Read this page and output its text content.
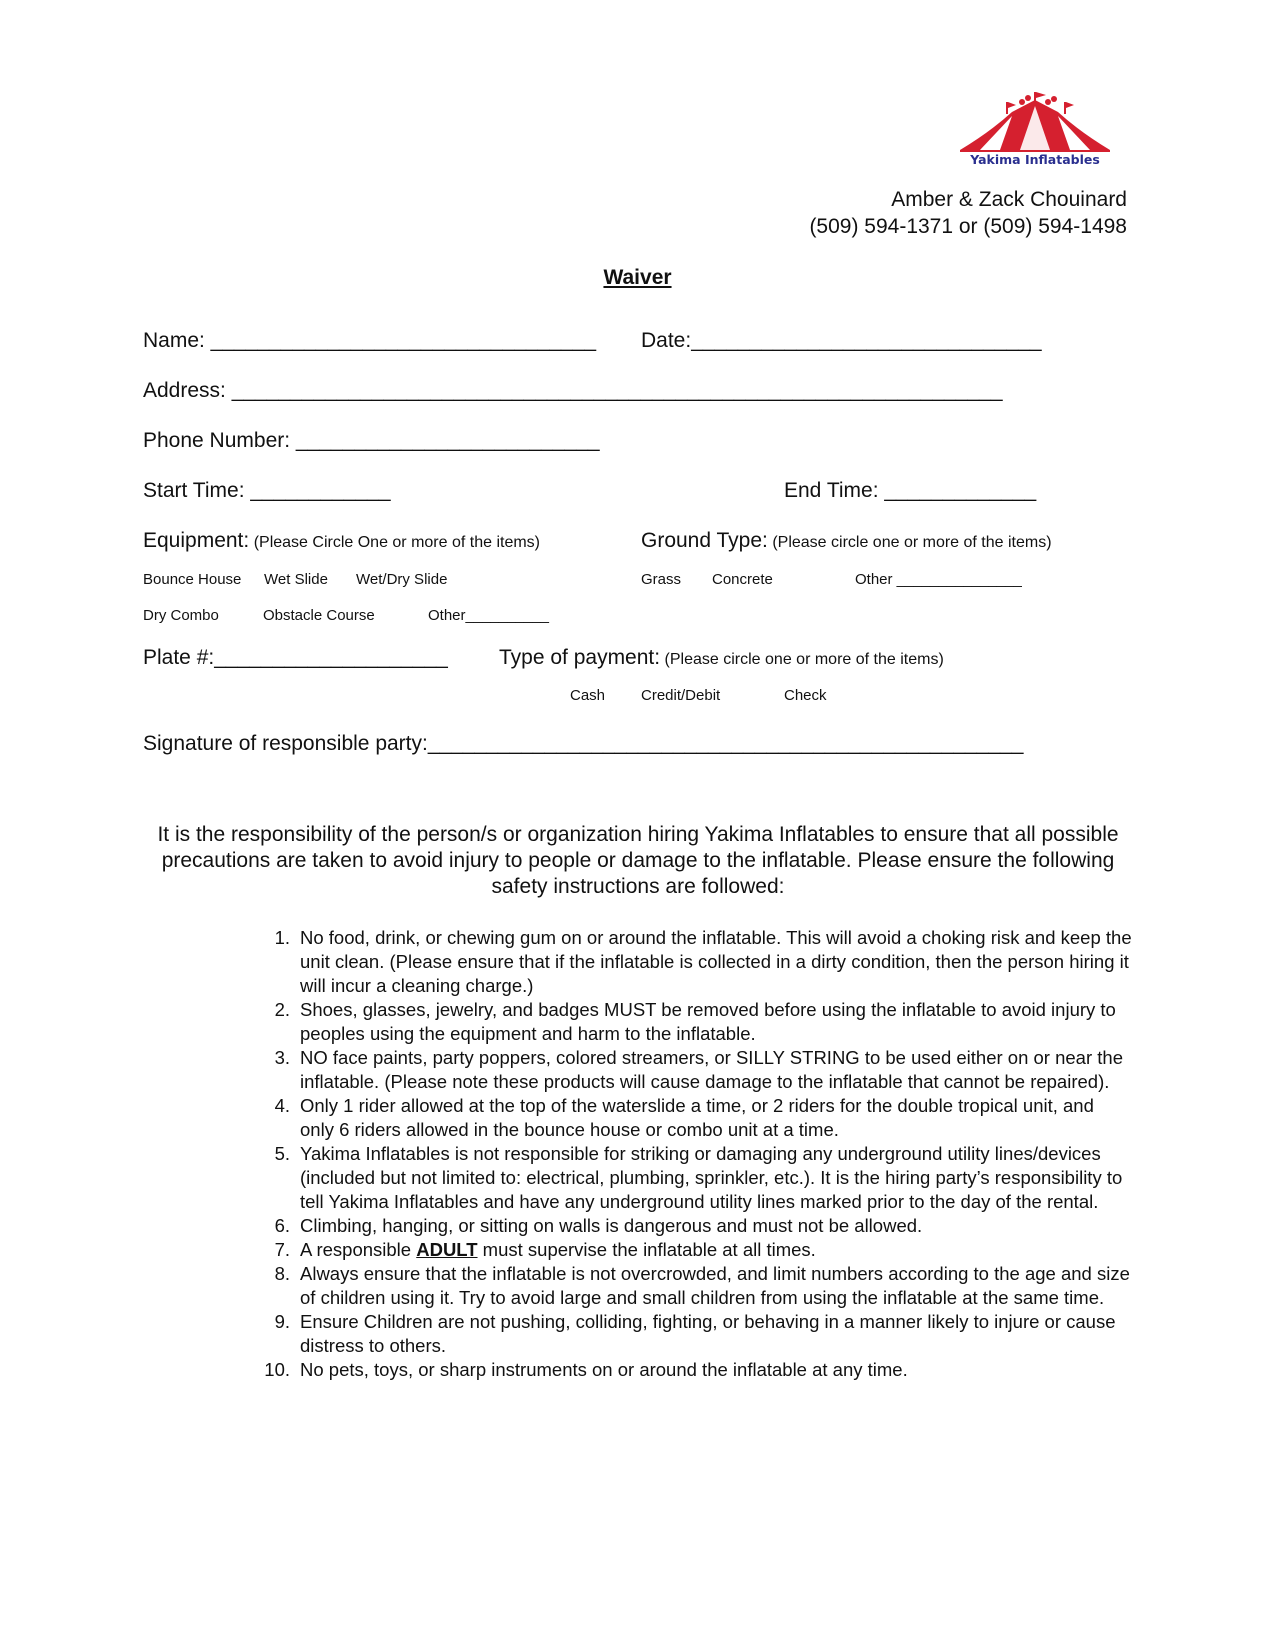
Yakima Inflatables
Amber & Zack Chouinard
(509) 594-1371 or (509) 594-1498
Waiver
Name: _________________________________ Date:______________________________
Address: __________________________________________________________________
Phone Number: __________________________
Start Time: ____________	End Time: _____________
Equipment: (Please Circle One or more of the items)	Ground Type: (Please circle one or more of the items)
Bounce House Wet Slide Wet/Dry Slide
Dry Combo	Obstacle Course	Other__________
Grass Concrete	Other _______________
Plate #:____________________ Type of payment: (Please circle one or more of the items)
Cash Credit/Debit	Check
Signature of responsible party:___________________________________________________
It is the responsibility of the person/s or organization hiring Yakima Inflatables to ensure that all possible precautions are taken to avoid injury to people or damage to the inflatable. Please ensure the following safety instructions are followed:
1. No food, drink, or chewing gum on or around the inflatable. This will avoid a choking risk and keep the unit clean. (Please ensure that if the inflatable is collected in a dirty condition, then the person hiring it will incur a cleaning charge.)
2. Shoes, glasses, jewelry, and badges MUST be removed before using the inflatable to avoid injury to peoples using the equipment and harm to the inflatable.
3. NO face paints, party poppers, colored streamers, or SILLY STRING to be used either on or near the inflatable. (Please note these products will cause damage to the inflatable that cannot be repaired).
4. Only 1 rider allowed at the top of the waterslide a time, or 2 riders for the double tropical unit, and only 6 riders allowed in the bounce house or combo unit at a time.
5. Yakima Inflatables is not responsible for striking or damaging any underground utility lines/devices (included but not limited to: electrical, plumbing, sprinkler, etc.). It is the hiring party’s responsibility to tell Yakima Inflatables and have any underground utility lines marked prior to the day of the rental.
6. Climbing, hanging, or sitting on walls is dangerous and must not be allowed.
7. A responsible ADULT must supervise the inflatable at all times.
8. Always ensure that the inflatable is not overcrowded, and limit numbers according to the age and size of children using it. Try to avoid large and small children from using the inflatable at the same time.
9. Ensure Children are not pushing, colliding, fighting, or behaving in a manner likely to injure or cause distress to others.
10. No pets, toys, or sharp instruments on or around the inflatable at any time.
